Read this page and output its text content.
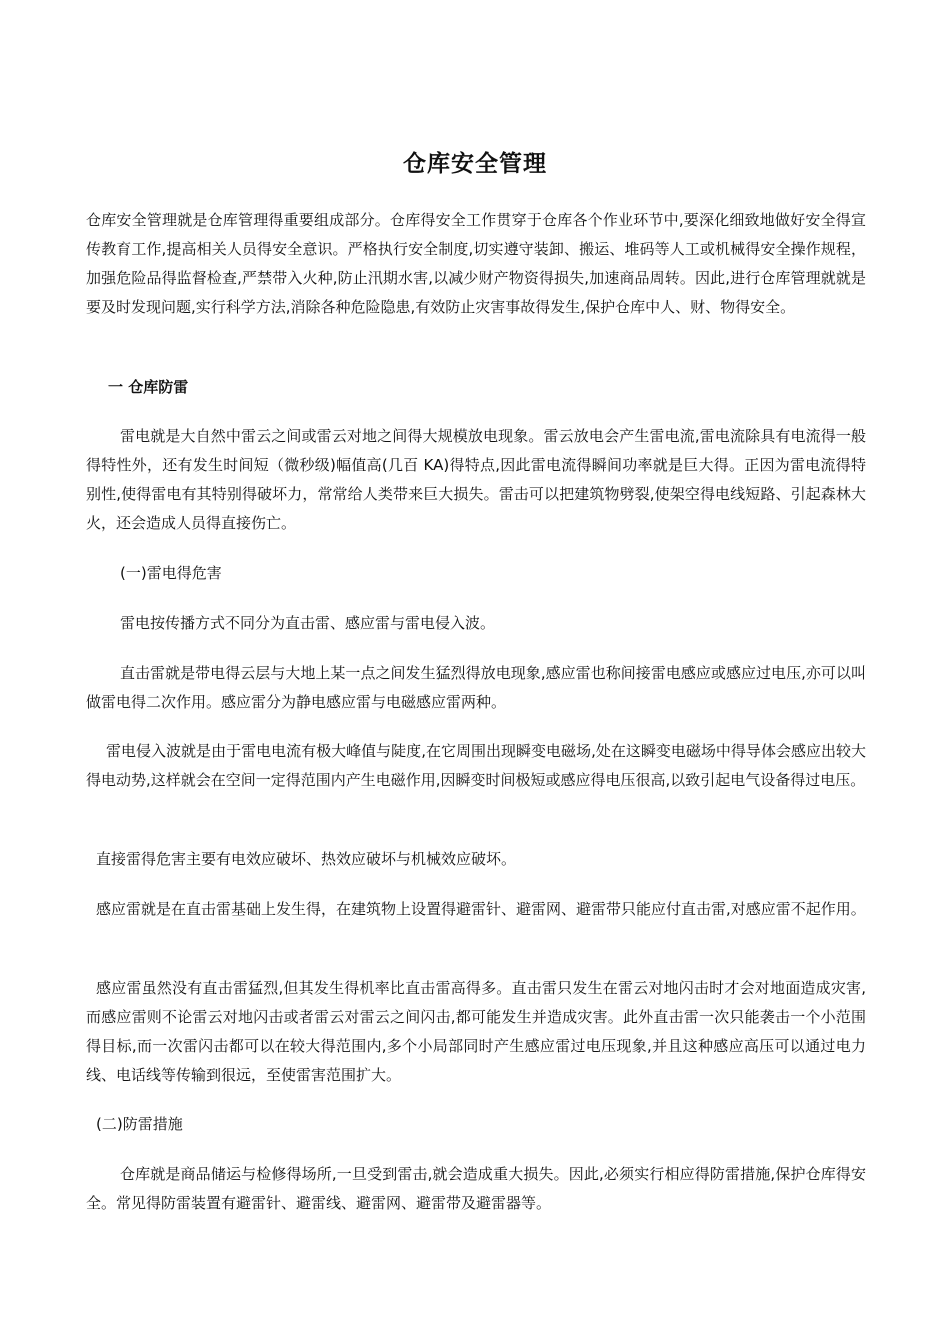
仓库安全管理

仓库安全管理就是仓库管理得重要组成部分。仓库得安全工作贯穿于仓库各个作业环节中,要深化细致地做好安全得宣传教育工作,提高相关人员得安全意识。严格执行安全制度,切实遵守装卸、搬运、堆码等人工或机械得安全操作规程，加强危险品得监督检查,严禁带入火种,防止汛期水害,以减少财产物资得损失,加速商品周转。因此,进行仓库管理就就是要及时发现问题,实行科学方法,消除各种危险隐患,有效防止灾害事故得发生,保护仓库中人、财、物得安全。

一 仓库防雷

雷电就是大自然中雷云之间或雷云对地之间得大规模放电现象。雷云放电会产生雷电流,雷电流除具有电流得一般得特性外，还有发生时间短（微秒级)幅值高(几百 KA)得特点,因此雷电流得瞬间功率就是巨大得。正因为雷电流得特别性,使得雷电有其特别得破坏力，常常给人类带来巨大损失。雷击可以把建筑物劈裂,使架空得电线短路、引起森林大火，还会造成人员得直接伤亡。

(一)雷电得危害

雷电按传播方式不同分为直击雷、感应雷与雷电侵入波。

直击雷就是带电得云层与大地上某一点之间发生猛烈得放电现象,感应雷也称间接雷电感应或感应过电压,亦可以叫做雷电得二次作用。感应雷分为静电感应雷与电磁感应雷两种。

雷电侵入波就是由于雷电电流有极大峰值与陡度,在它周围出现瞬变电磁场,处在这瞬变电磁场中得导体会感应出较大得电动势,这样就会在空间一定得范围内产生电磁作用,因瞬变时间极短或感应得电压很高,以致引起电气设备得过电压。

直接雷得危害主要有电效应破坏、热效应破坏与机械效应破坏。

感应雷就是在直击雷基础上发生得，在建筑物上设置得避雷针、避雷网、避雷带只能应付直击雷,对感应雷不起作用。

感应雷虽然没有直击雷猛烈,但其发生得机率比直击雷高得多。直击雷只发生在雷云对地闪击时才会对地面造成灾害,而感应雷则不论雷云对地闪击或者雷云对雷云之间闪击,都可能发生并造成灾害。此外直击雷一次只能袭击一个小范围得目标,而一次雷闪击都可以在较大得范围内,多个小局部同时产生感应雷过电压现象,并且这种感应高压可以通过电力线、电话线等传输到很远，至使雷害范围扩大。

(二)防雷措施

仓库就是商品储运与检修得场所,一旦受到雷击,就会造成重大损失。因此,必须实行相应得防雷措施,保护仓库得安全。常见得防雷装置有避雷针、避雷线、避雷网、避雷带及避雷器等。
